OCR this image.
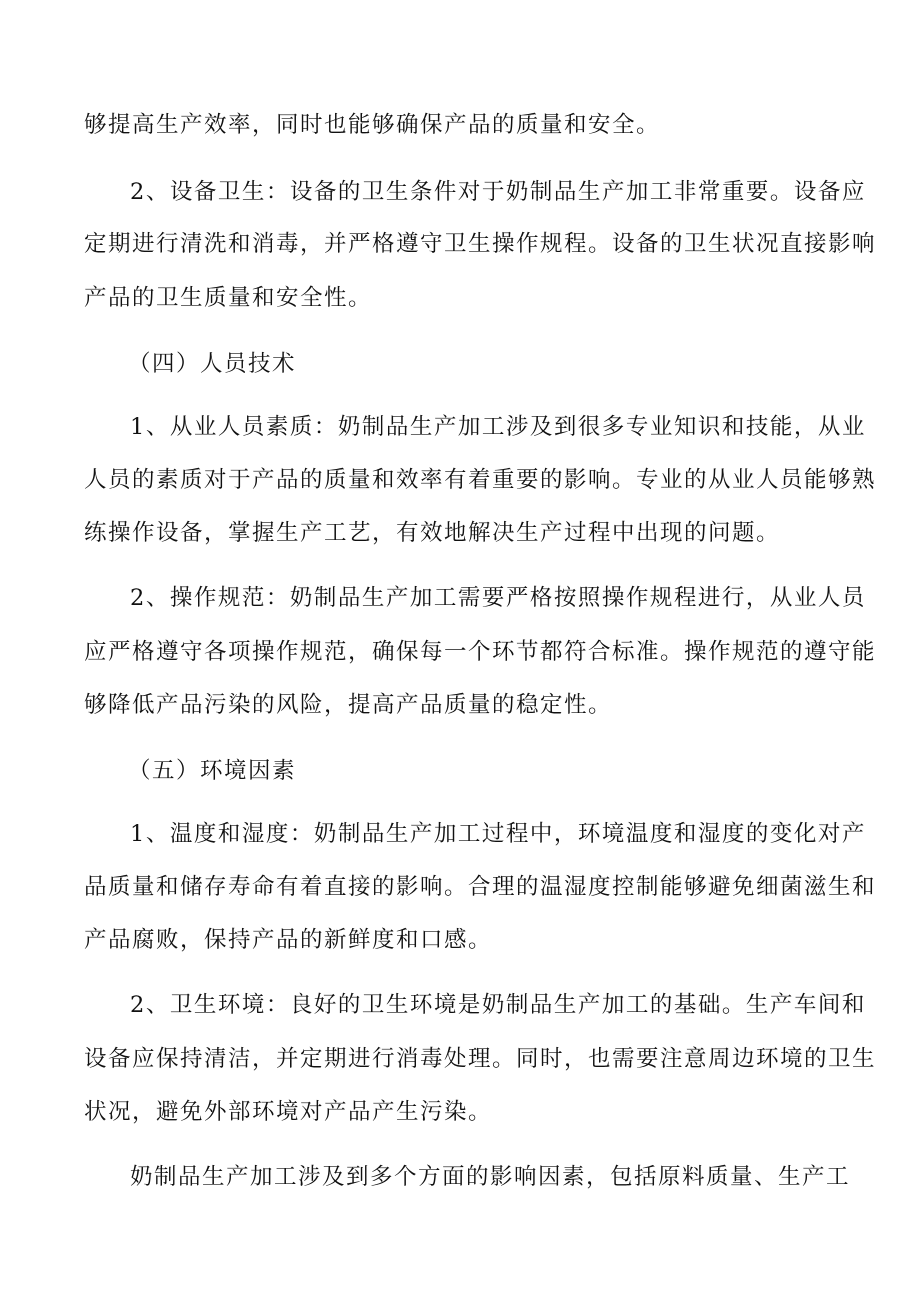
够提高生产效率，同时也能够确保产品的质量和安全。
2、设备卫生：设备的卫生条件对于奶制品生产加工非常重要。设备应
定期进行清洗和消毒，并严格遵守卫生操作规程。设备的卫生状况直接影响
产品的卫生质量和安全性。
（四）人员技术
1、从业人员素质：奶制品生产加工涉及到很多专业知识和技能，从业
人员的素质对于产品的质量和效率有着重要的影响。专业的从业人员能够熟
练操作设备，掌握生产工艺，有效地解决生产过程中出现的问题。
2、操作规范：奶制品生产加工需要严格按照操作规程进行，从业人员
应严格遵守各项操作规范，确保每一个环节都符合标准。操作规范的遵守能
够降低产品污染的风险，提高产品质量的稳定性。
（五）环境因素
1、温度和湿度：奶制品生产加工过程中，环境温度和湿度的变化对产
品质量和储存寿命有着直接的影响。合理的温湿度控制能够避免细菌滋生和
产品腐败，保持产品的新鲜度和口感。
2、卫生环境：良好的卫生环境是奶制品生产加工的基础。生产车间和
设备应保持清洁，并定期进行消毒处理。同时，也需要注意周边环境的卫生
状况，避免外部环境对产品产生污染。
奶制品生产加工涉及到多个方面的影响因素，包括原料质量、生产工
